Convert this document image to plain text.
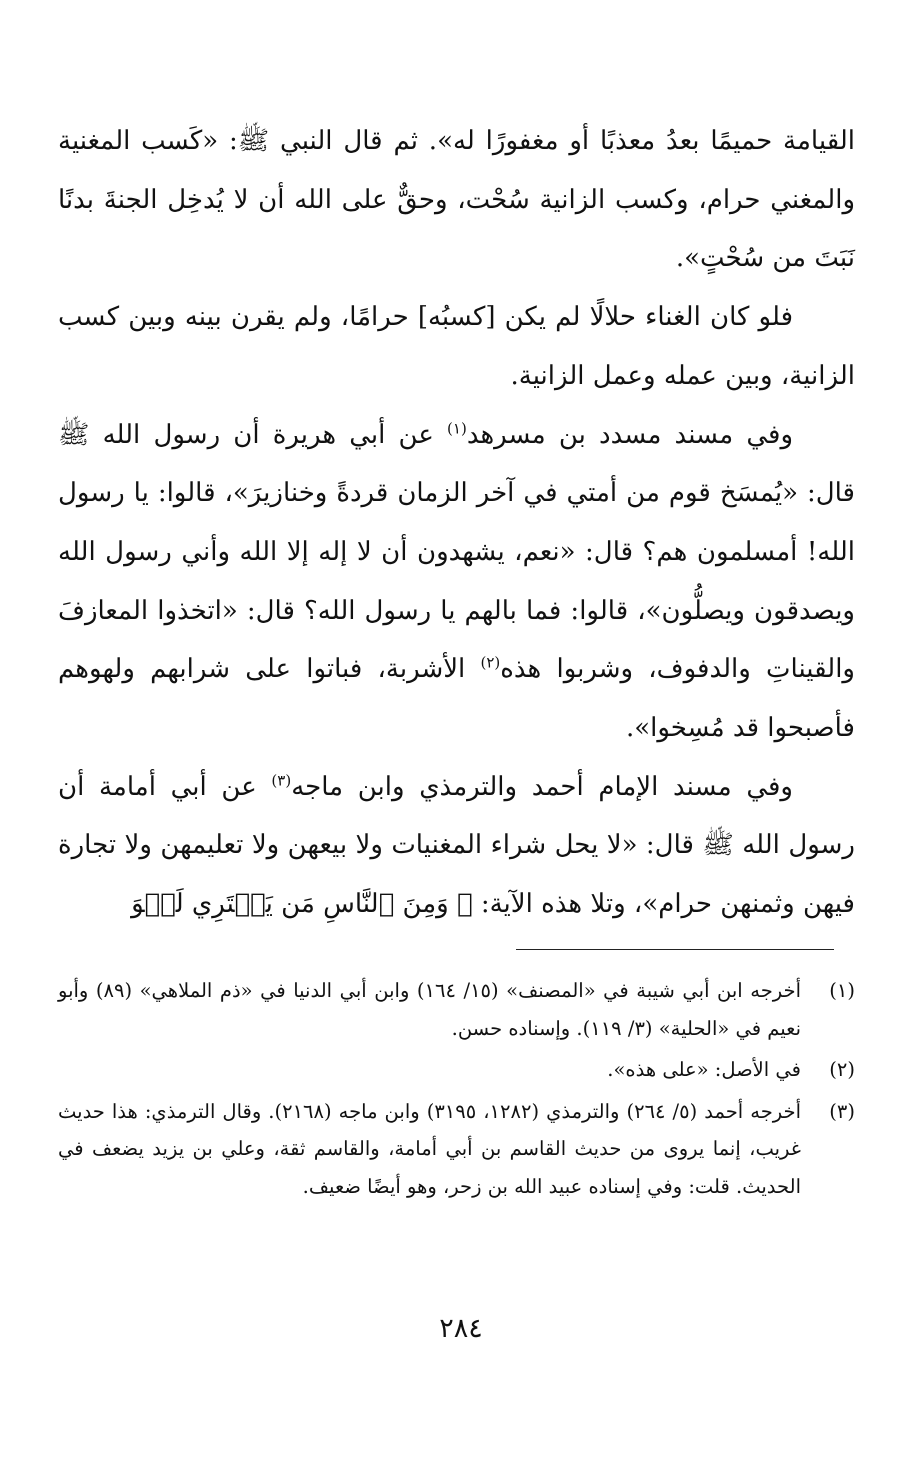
القيامة حميمًا بعدُ معذبًا أو مغفورًا له». ثم قال النبي ﷺ: «كَسب المغنية والمغني حرام، وكسب الزانية سُحْت، وحقٌّ على الله أن لا يُدخِل الجنةَ بدنًا نَبَتَ من سُحْتٍ».

فلو كان الغناء حلالًا لم يكن [كسبُه] حرامًا، ولم يقرن بينه وبين كسب الزانية، وبين عمله وعمل الزانية.

وفي مسند مسدد بن مسرهد$^{(١)}$ عن أبي هريرة أن رسول الله ﷺ قال: «يُمسَخ قوم من أمتي في آخر الزمان قردةً وخنازيرَ»، قالوا: يا رسول الله! أمسلمون هم؟ قال: «نعم، يشهدون أن لا إله إلا الله وأني رسول الله ويصدقون ويصلُّون»، قالوا: فما بالهم يا رسول الله؟ قال: «اتخذوا المعازفَ والقيناتِ والدفوف، وشربوا هذه$^{(٢)}$ الأشربة، فباتوا على شرابهم ولهوهم فأصبحوا قد مُسِخوا».

وفي مسند الإمام أحمد والترمذي وابن ماجه$^{(٣)}$ عن أبي أمامة أن رسول الله ﷺ قال: «لا يحل شراء المغنيات ولا بيعهن ولا تعليمهن ولا تجارة فيهن وثمنهن حرام»، وتلا هذه الآية: ﴿ وَمِنَ ٱلنَّاسِ مَن يَشۡتَرِي لَهۡوَ

(١)
أخرجه ابن أبي شيبة في «المصنف» (١٥/ ١٦٤) وابن أبي الدنيا في «ذم الملاهي» (٨٩) وأبو نعيم في «الحلية» (٣/ ١١٩). وإسناده حسن.
(٢)
في الأصل: «على هذه».
(٣)
أخرجه أحمد (٥/ ٢٦٤) والترمذي (١٢٨٢، ٣١٩٥) وابن ماجه (٢١٦٨). وقال الترمذي: هذا حديث غريب، إنما يروى من حديث القاسم بن أبي أمامة، والقاسم ثقة، وعلي بن يزيد يضعف في الحديث. قلت: وفي إسناده عبيد الله بن زحر، وهو أيضًا ضعيف.
٢٨٤
